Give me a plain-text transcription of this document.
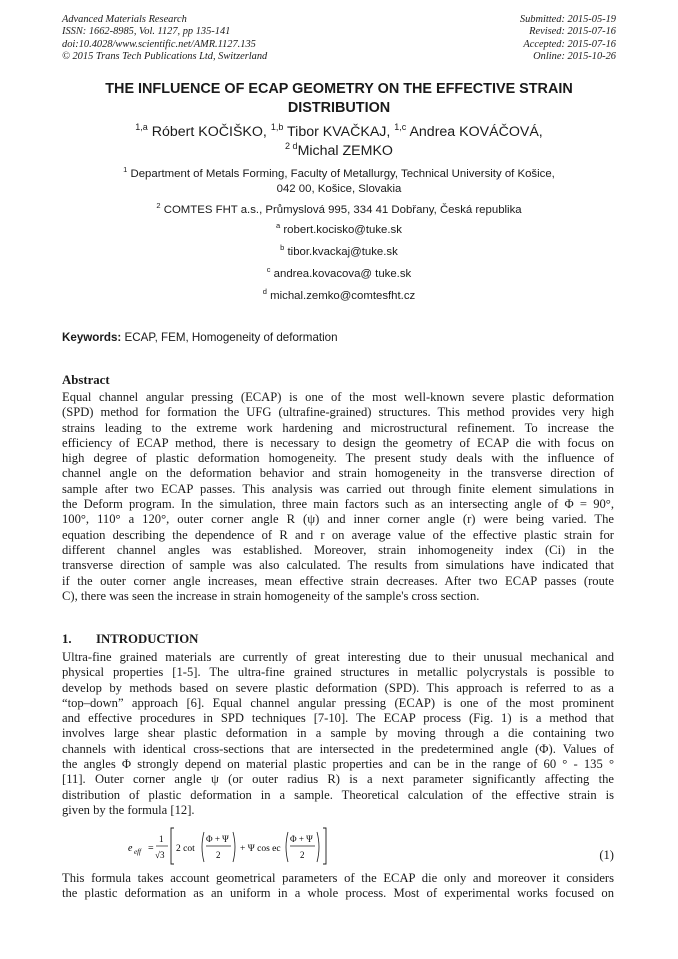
Advanced Materials Research
ISSN: 1662-8985, Vol. 1127, pp 135-141
doi:10.4028/www.scientific.net/AMR.1127.135
© 2015 Trans Tech Publications Ltd, Switzerland
Submitted: 2015-05-19
Revised: 2015-07-16
Accepted: 2015-07-16
Online: 2015-10-26
THE INFLUENCE OF ECAP GEOMETRY ON THE EFFECTIVE STRAIN
DISTRIBUTION
$^{1,a}$ Róbert KOČIŠKO, $^{1,b}$ Tibor KVAČKAJ, $^{1,c}$ Andrea KOVÁČOVÁ,
$^{2 d}$Michal ZEMKO
$^1$ Department of Metals Forming, Faculty of Metallurgy, Technical University of Košice,
042 00, Košice, Slovakia
$^2$ COMTES FHT a.s., Průmyslová 995, 334 41 Dobřany, Česká republika
$^a$ robert.kocisko@tuke.sk
$^b$ tibor.kvackaj@tuke.sk
$^c$ andrea.kovacova@ tuke.sk
$^d$ michal.zemko@comtesfht.cz
Keywords: ECAP, FEM, Homogeneity of deformation
Abstract
Equal channel angular pressing (ECAP) is one of the most well-known severe plastic deformation
(SPD) method for formation the UFG (ultrafine-grained) structures. This method provides very high
strains leading to the extreme work hardening and microstructural refinement. To increase the
efficiency of ECAP method, there is necessary to design the geometry of ECAP die with focus on
high degree of plastic deformation homogeneity. The present study deals with the influence of
channel angle on the deformation behavior and strain homogeneity in the transverse direction of
sample after two ECAP passes. This analysis was carried out through finite element simulations in
the Deform program. In the simulation, three main factors such as an intersecting angle of Φ = 90°,
100°, 110° a 120°, outer corner angle R (ψ) and inner corner angle (r) were being varied. The
equation describing the dependence of R and r on average value of the effective plastic strain for
different channel angles was established. Moreover, strain inhomogeneity index (Ci) in the
transverse direction of sample was also calculated. The results from simulations have indicated that
if the outer corner angle increases, mean effective strain decreases. After two ECAP passes (route
C), there was seen the increase in strain homogeneity of the sample's cross section.
1. INTRODUCTION
Ultra-fine grained materials are currently of great interesting due to their unusual mechanical and
physical properties [1-5]. The ultra-fine grained structures in metallic polycrystals is possible to
develop by methods based on severe plastic deformation (SPD). This approach is referred to as a
“top–down” approach [6]. Equal channel angular pressing (ECAP) is one of the most prominent
and effective procedures in SPD techniques [7-10]. The ECAP process (Fig. 1) is a method that
involves large shear plastic deformation in a sample by moving through a die containing two
channels with identical cross-sections that are intersected in the predetermined angle (Φ). Values of
the angles Φ strongly depend on material plastic properties and can be in the range of 60 ° - 135 °
[11]. Outer corner angle ψ (or outer radius R) is a next parameter significantly affecting the
distribution of plastic deformation in a sample. Theoretical calculation of the effective strain is
given by the formula [12].
e eff =
1
√3
2 cot
Φ + Ψ
2
+ Ψ cos ec
Φ + Ψ
2	(1)
This formula takes account geometrical parameters of the ECAP die only and moreover it considers
the plastic deformation as an uniform in a whole process. Most of experimental works focused on
